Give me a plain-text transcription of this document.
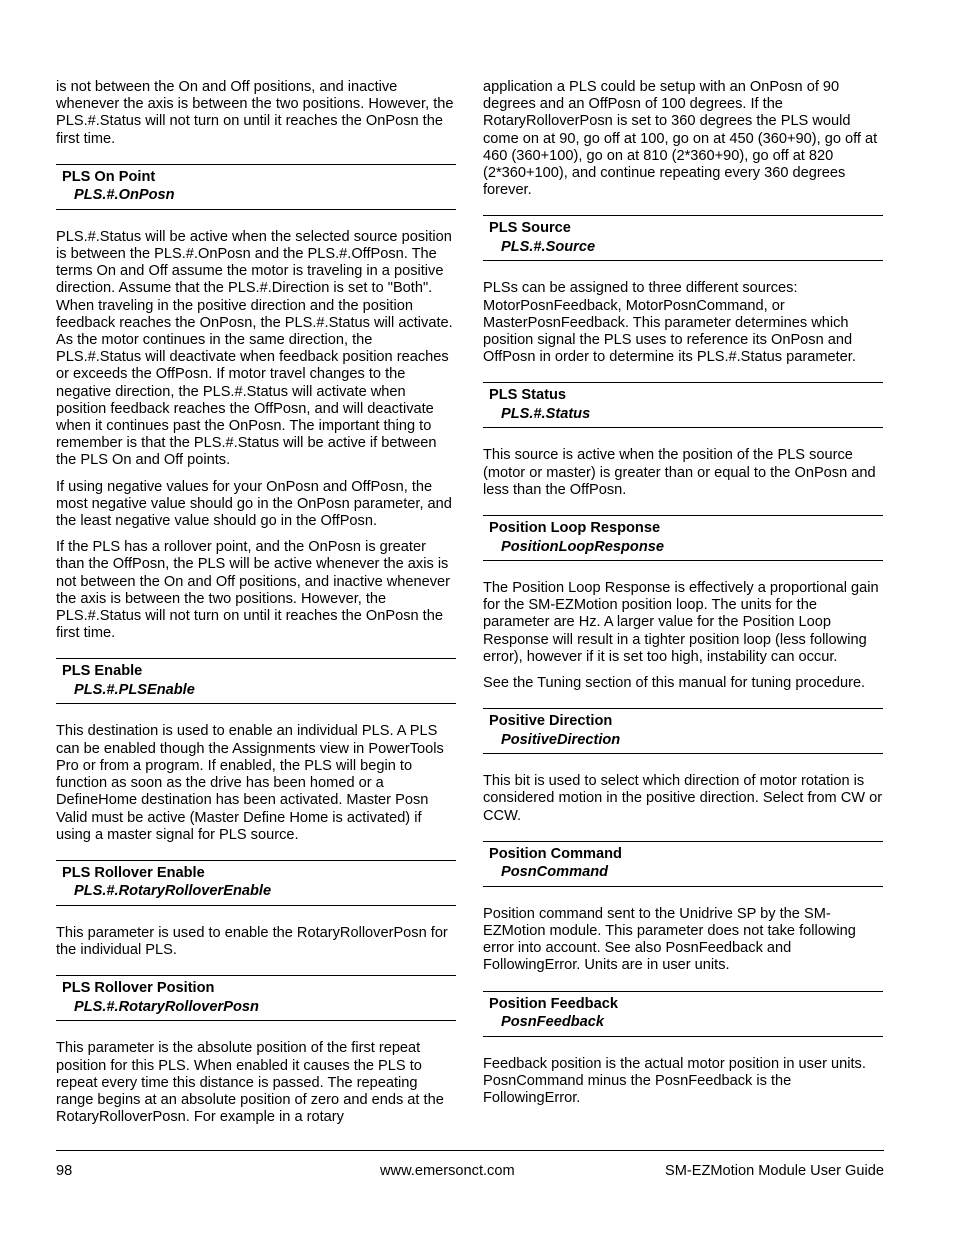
is not between the On and Off positions, and inactive whenever the axis is between the two positions. However, the PLS.#.Status will not turn on until it reaches the OnPosn the first time.

PLS On Point
PLS.#.OnPosn

PLS.#.Status will be active when the selected source position is between the PLS.#.OnPosn and the PLS.#.OffPosn. The terms On and Off assume the motor is traveling in a positive direction. Assume that the PLS.#.Direction is set to "Both". When traveling in the positive direction and the position feedback reaches the OnPosn, the PLS.#.Status will activate. As the motor continues in the same direction, the PLS.#.Status will deactivate when feedback position reaches or exceeds the OffPosn. If motor travel changes to the negative direction, the PLS.#.Status will activate when position feedback reaches the OffPosn, and will deactivate when it continues past the OnPosn. The important thing to remember is that the PLS.#.Status will be active if between the PLS On and Off points.

If using negative values for your OnPosn and OffPosn, the most negative value should go in the OnPosn parameter, and the least negative value should go in the OffPosn.

If the PLS has a rollover point, and the OnPosn is greater than the OffPosn, the PLS will be active whenever the axis is not between the On and Off positions, and inactive whenever the axis is between the two positions. However, the PLS.#.Status will not turn on until it reaches the OnPosn the first time.

PLS Enable
PLS.#.PLSEnable

This destination is used to enable an individual PLS. A PLS can be enabled though the Assignments view in PowerTools Pro or from a program. If enabled, the PLS will begin to function as soon as the drive has been homed or a DefineHome destination has been activated. Master Posn Valid must be active (Master Define Home is activated) if using a master signal for PLS source.

PLS Rollover Enable
PLS.#.RotaryRolloverEnable

This parameter is used to enable the RotaryRolloverPosn for the individual PLS.

PLS Rollover Position
PLS.#.RotaryRolloverPosn

This parameter is the absolute position of the first repeat position for this PLS. When enabled it causes the PLS to repeat every time this distance is passed. The repeating range begins at an absolute position of zero and ends at the RotaryRolloverPosn. For example in a rotary

application a PLS could be setup with an OnPosn of 90 degrees and an OffPosn of 100 degrees. If the RotaryRolloverPosn is set to 360 degrees the PLS would come on at 90, go off at 100, go on at 450 (360+90), go off at 460 (360+100), go on at 810 (2*360+90), go off at 820 (2*360+100), and continue repeating every 360 degrees forever.

PLS Source
PLS.#.Source

PLSs can be assigned to three different sources: MotorPosnFeedback, MotorPosnCommand, or MasterPosnFeedback. This parameter determines which position signal the PLS uses to reference its OnPosn and OffPosn in order to determine its PLS.#.Status parameter.

PLS Status
PLS.#.Status

This source is active when the position of the PLS source (motor or master) is greater than or equal to the OnPosn and less than the OffPosn.

Position Loop Response
PositionLoopResponse

The Position Loop Response is effectively a proportional gain for the SM-EZMotion position loop. The units for the parameter are Hz. A larger value for the Position Loop Response will result in a tighter position loop (less following error), however if it is set too high, instability can occur.

See the Tuning section of this manual for tuning procedure.

Positive Direction
PositiveDirection

This bit is used to select which direction of motor rotation is considered motion in the positive direction. Select from CW or CCW.

Position Command
PosnCommand

Position command sent to the Unidrive SP by the SM-EZMotion module. This parameter does not take following error into account. See also PosnFeedback and FollowingError. Units are in user units.

Position Feedback
PosnFeedback

Feedback position is the actual motor position in user units. PosnCommand minus the PosnFeedback is the FollowingError.

98	www.emersonct.com	SM-EZMotion Module User Guide
